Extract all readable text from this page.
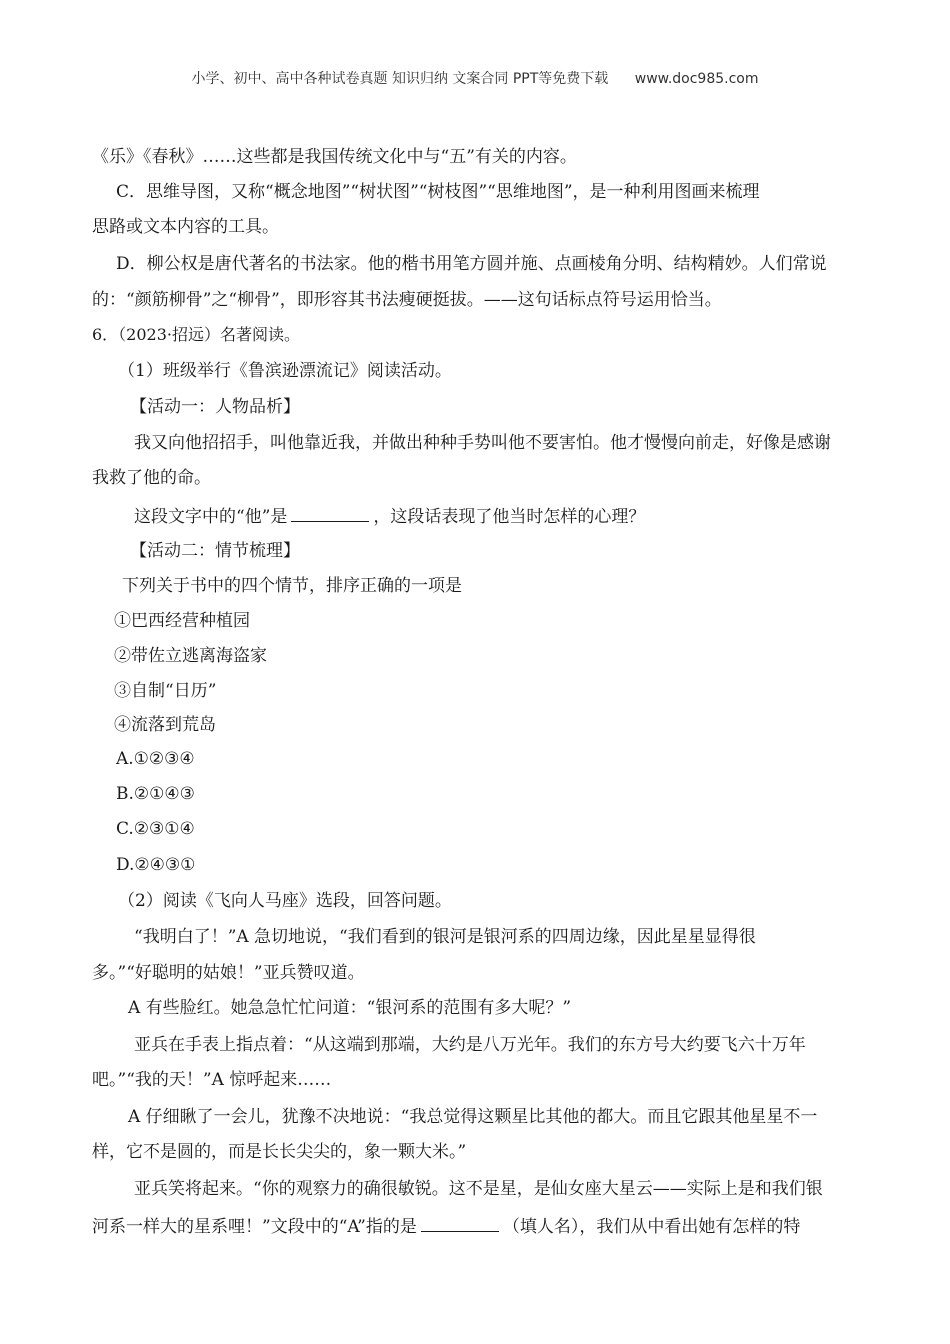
小学、初中、高中各种试卷真题 知识归纳 文案合同 PPT等免费下载 www.doc985.com
《乐》《春秋》……这些都是我国传统文化中与“五”有关的内容。
C．思维导图，又称“概念地图”“树状图”“树枝图”“思维地图”，是一种利用图画来梳理
思路或文本内容的工具。
D．柳公权是唐代著名的书法家。他的楷书用笔方圆并施、点画棱角分明、结构精妙。人们常说
的：“颜筋柳骨”之“柳骨”，即形容其书法瘦硬挺拔。——这句话标点符号运用恰当。
6．（2023·招远）名著阅读。
（1）班级举行《鲁滨逊漂流记》阅读活动。
【活动一：人物品析】
我又向他招招手，叫他靠近我，并做出种种手势叫他不要害怕。他才慢慢向前走，好像是感谢
我救了他的命。
这段文字中的“他”是	，这段话表现了他当时怎样的心理？
【活动二：情节梳理】
下列关于书中的四个情节，排序正确的一项是
①巴西经营种植园
②带佐立逃离海盗家
③自制“日历”
④流落到荒岛
A.①②③④
B.②①④③
C.②③①④
D.②④③①
（2）阅读《飞向人马座》选段，回答问题。
“我明白了！”A 急切地说，“我们看到的银河是银河系的四周边缘，因此星星显得很
多。”“好聪明的姑娘！”亚兵赞叹道。
A 有些脸红。她急急忙忙问道：“银河系的范围有多大呢？”
亚兵在手表上指点着：“从这端到那端，大约是八万光年。我们的东方号大约要飞六十万年
吧。”“我的天！”A 惊呼起来……
A 仔细瞅了一会儿，犹豫不决地说：“我总觉得这颗星比其他的都大。而且它跟其他星星不一
样，它不是圆的，而是长长尖尖的，象一颗大米。”
亚兵笑将起来。“你的观察力的确很敏锐。这不是星，是仙女座大星云——实际上是和我们银
河系一样大的星系哩！”文段中的“A”指的是	（填人名），我们从中看出她有怎样的特
